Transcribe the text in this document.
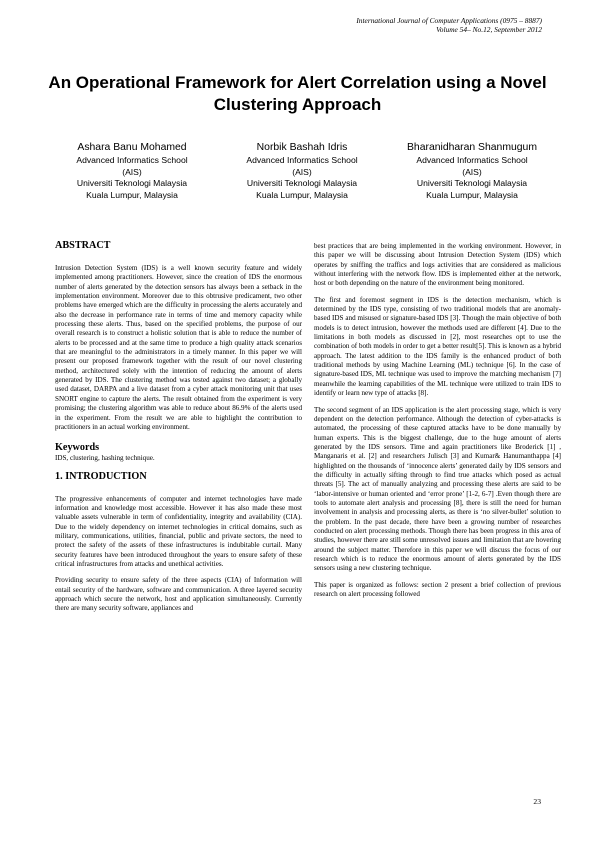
International Journal of Computer Applications (0975 – 8887)
Volume 54– No.12, September 2012
An Operational Framework for Alert Correlation using a Novel Clustering Approach
Ashara Banu Mohamed
Advanced Informatics School
(AIS)
Universiti Teknologi Malaysia
Kuala Lumpur, Malaysia
Norbik Bashah Idris
Advanced Informatics School
(AIS)
Universiti Teknologi Malaysia
Kuala Lumpur, Malaysia
Bharanidharan Shanmugum
Advanced Informatics School
(AIS)
Universiti Teknologi Malaysia
Kuala Lumpur, Malaysia
ABSTRACT

Intrusion Detection System (IDS) is a well known security feature and widely implemented among practitioners. However, since the creation of IDS the enormous number of alerts generated by the detection sensors has always been a setback in the implementation environment. Moreover due to this obtrusive predicament, two other problems have emerged which are the difficulty in processing the alerts accurately and also the decrease in performance rate in terms of time and memory capacity while processing these alerts. Thus, based on the specified problems, the purpose of our overall research is to construct a holistic solution that is able to reduce the number of alerts to be processed and at the same time to produce a high quality attack scenarios that are meaningful to the administrators in a timely manner. In this paper we will present our proposed framework together with the result of our novel clustering method, architectured solely with the intention of reducing the amount of alerts generated by IDS. The clustering method was tested against two dataset; a globally used dataset, DARPA and a live dataset from a cyber attack monitoring unit that uses SNORT engine to capture the alerts. The result obtained from the experiment is very promising; the clustering algorithm was able to reduce about 86.9% of the alerts used in the experiment. From the result we are able to highlight the contribution to practitioners in an actual working environment.

Keywords

IDS, clustering, hashing technique.

1. INTRODUCTION

The progressive enhancements of computer and internet technologies have made information and knowledge most accessible. However it has also made these most valuable assets vulnerable in term of confidentiality, integrity and availability (CIA). Due to the widely dependency on internet technologies in critical domains, such as military, communications, utilities, financial, public and private sectors, the need to protect the safety of the assets of these infrastructures is indubitable curtail. Many security features have been introduced throughout the years to ensure safety of these critical infrastructures from attacks and unethical activities.

Providing security to ensure safety of the three aspects (CIA) of Information will entail security of the hardware, software and communication. A three layered security approach which secure the network, host and application simultaneously. Currently there are many security software, appliances and

best practices that are being implemented in the working environment. However, in this paper we will be discussing about Intrusion Detection System (IDS) which operates by sniffing the traffics and logs activities that are considered as malicious without interfering with the network flow. IDS is implemented either at the network, host or both depending on the nature of the environment being monitored.

The first and foremost segment in IDS is the detection mechanism, which is determined by the IDS type, consisting of two traditional models that are anomaly-based IDS and misused or signature-based IDS [3]. Though the main objective of both models is to detect intrusion, however the methods used are different [4]. Due to the limitations in both models as discussed in [2], most researches opt to use the combination of both models in order to get a better result[5]. This is known as a hybrid approach. The latest addition to the IDS family is the enhanced product of both traditional methods by using Machine Learning (ML) technique [6]. In the case of signature-based IDS, ML technique was used to improve the matching mechanism [7] meanwhile the learning capabilities of the ML technique were utilized to train IDS to identify or learn new type of attacks [8].

The second segment of an IDS application is the alert processing stage, which is very dependent on the detection performance. Although the detection of cyber-attacks is automated, the processing of these captured attacks have to be done manually by human experts. This is the biggest challenge, due to the huge amount of alerts generated by the IDS sensors. Time and again practitioners like Broderick [1] , Manganaris et al. [2] and researchers Julisch [3] and Kumar& Hanumanthappa [4] highlighted on the thousands of ‘innocence alerts’ generated daily by IDS sensors and the difficulty in actually sifting through to find true attacks which posed as actual threats [5]. The act of manually analyzing and processing these alerts are said to be ‘labor-intensive or human oriented and ‘error prone’ [1-2, 6-7] .Even though there are tools to automate alert analysis and processing [8], there is still the need for human involvement in analysis and processing alerts, as there is ‘no silver-bullet’ solution to the problem. In the past decade, there have been a growing number of researches conducted on alert processing methods. Though there has been progress in this area of studies, however there are still some unresolved issues and limitation that are hovering around the subject matter. Therefore in this paper we will discuss the focus of our research which is to reduce the enormous amount of alerts generated by the IDS sensors using a new clustering technique.

This paper is organized as follows: section 2 present a brief collection of previous research on alert processing followed

23
